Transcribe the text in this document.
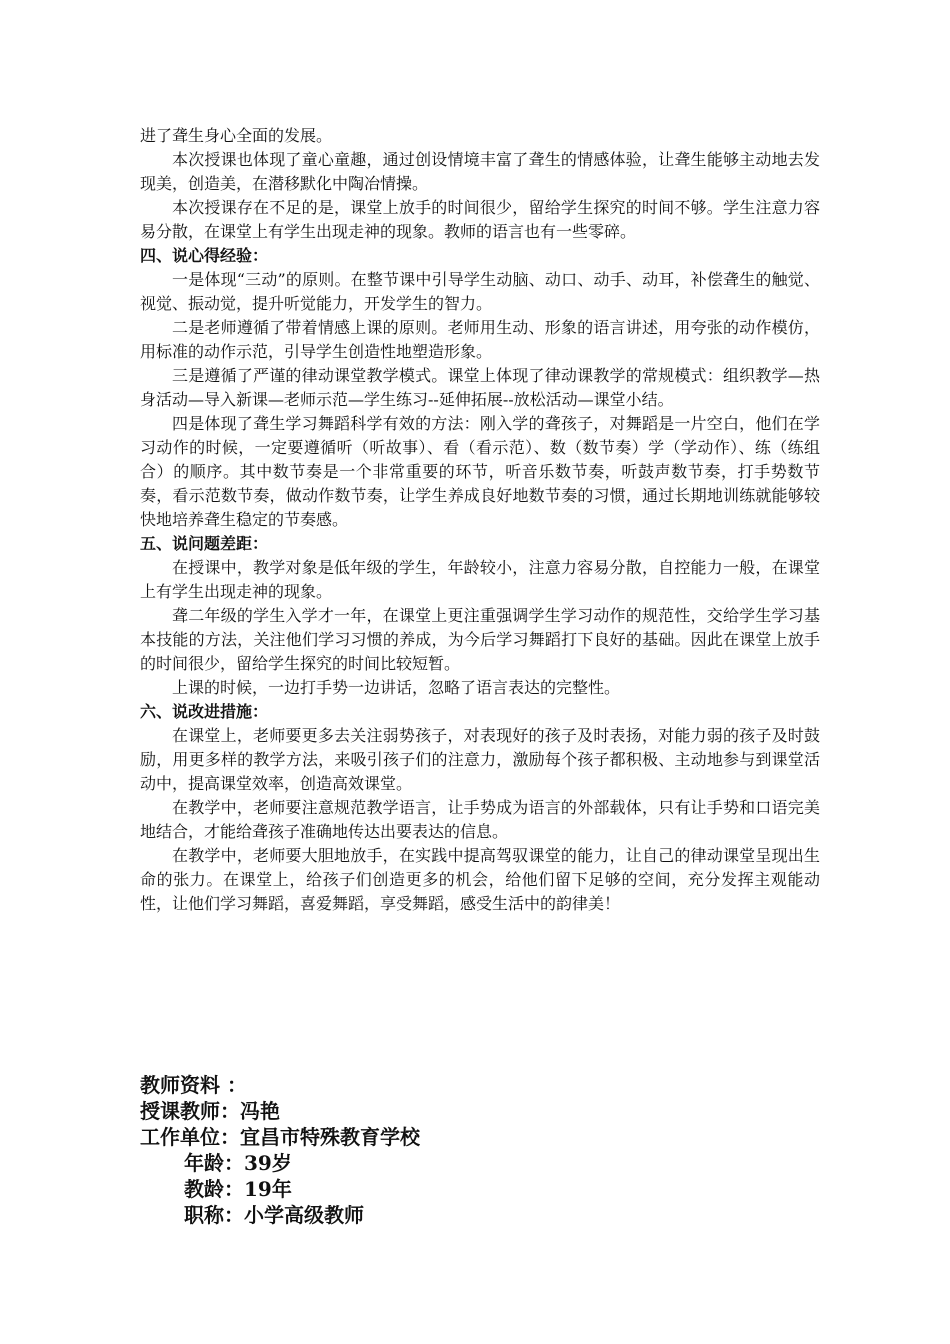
进了聋生身心全面的发展。

本次授课也体现了童心童趣，通过创设情境丰富了聋生的情感体验，让聋生能够主动地去发现美，创造美，在潜移默化中陶冶情操。

本次授课存在不足的是，课堂上放手的时间很少，留给学生探究的时间不够。学生注意力容易分散，在课堂上有学生出现走神的现象。教师的语言也有一些零碎。

四、说心得经验：

一是体现“三动”的原则。在整节课中引导学生动脑、动口、动手、动耳，补偿聋生的触觉、视觉、振动觉，提升听觉能力，开发学生的智力。

二是老师遵循了带着情感上课的原则。老师用生动、形象的语言讲述，用夸张的动作模仿，用标准的动作示范，引导学生创造性地塑造形象。

三是遵循了严谨的律动课堂教学模式。课堂上体现了律动课教学的常规模式：组织教学—热身活动—导入新课—老师示范—学生练习--延伸拓展--放松活动—课堂小结。

四是体现了聋生学习舞蹈科学有效的方法：刚入学的聋孩子，对舞蹈是一片空白，他们在学习动作的时候，一定要遵循听（听故事）、看（看示范）、数（数节奏）学（学动作）、练（练组合）的顺序。其中数节奏是一个非常重要的环节，听音乐数节奏，听鼓声数节奏，打手势数节奏，看示范数节奏，做动作数节奏，让学生养成良好地数节奏的习惯，通过长期地训练就能够较快地培养聋生稳定的节奏感。

五、说问题差距：

在授课中，教学对象是低年级的学生，年龄较小，注意力容易分散，自控能力一般，在课堂上有学生出现走神的现象。

聋二年级的学生入学才一年，在课堂上更注重强调学生学习动作的规范性，交给学生学习基本技能的方法，关注他们学习习惯的养成，为今后学习舞蹈打下良好的基础。因此在课堂上放手的时间很少，留给学生探究的时间比较短暂。

上课的时候，一边打手势一边讲话，忽略了语言表达的完整性。

六、说改进措施：

在课堂上，老师要更多去关注弱势孩子，对表现好的孩子及时表扬，对能力弱的孩子及时鼓励，用更多样的教学方法，来吸引孩子们的注意力，激励每个孩子都积极、主动地参与到课堂活动中，提高课堂效率，创造高效课堂。

在教学中，老师要注意规范教学语言，让手势成为语言的外部载体，只有让手势和口语完美地结合，才能给聋孩子准确地传达出要表达的信息。

在教学中，老师要大胆地放手，在实践中提高驾驭课堂的能力，让自己的律动课堂呈现出生命的张力。在课堂上，给孩子们创造更多的机会，给他们留下足够的空间，充分发挥主观能动性，让他们学习舞蹈，喜爱舞蹈，享受舞蹈，感受生活中的韵律美！

教师资料 ：

授课教师：冯艳

工作单位：宜昌市特殊教育学校

年龄：39岁

教龄：19年

职称：小学高级教师
